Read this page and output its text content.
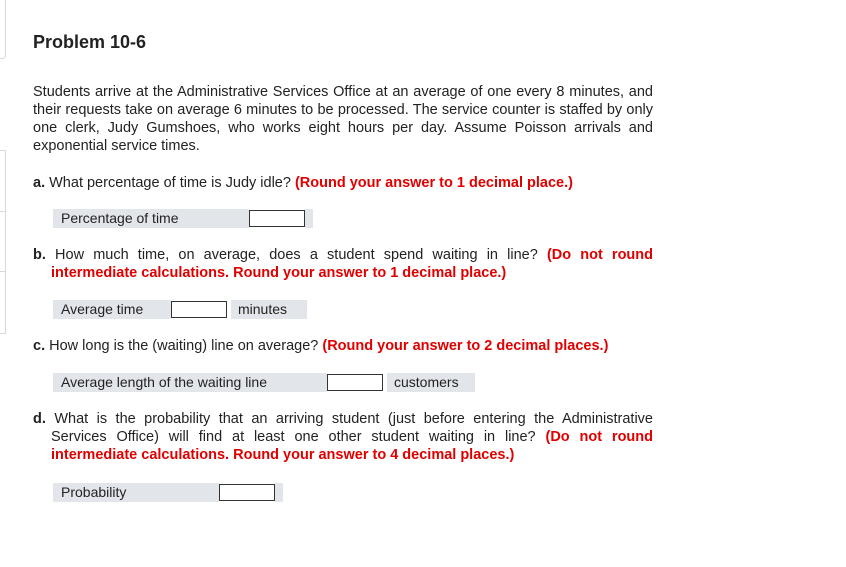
Problem 10-6
Students arrive at the Administrative Services Office at an average of one every 8 minutes, and their requests take on average 6 minutes to be processed. The service counter is staffed by only one clerk, Judy Gumshoes, who works eight hours per day. Assume Poisson arrivals and exponential service times.
a. What percentage of time is Judy idle? (Round your answer to 1 decimal place.)
Percentage of time
b. How much time, on average, does a student spend waiting in line? (Do not round intermediate calculations. Round your answer to 1 decimal place.)
Average time	minutes
c. How long is the (waiting) line on average? (Round your answer to 2 decimal places.)
Average length of the waiting line	customers
d. What is the probability that an arriving student (just before entering the Administrative Services Office) will find at least one other student waiting in line? (Do not round intermediate calculations. Round your answer to 4 decimal places.)
Probability
